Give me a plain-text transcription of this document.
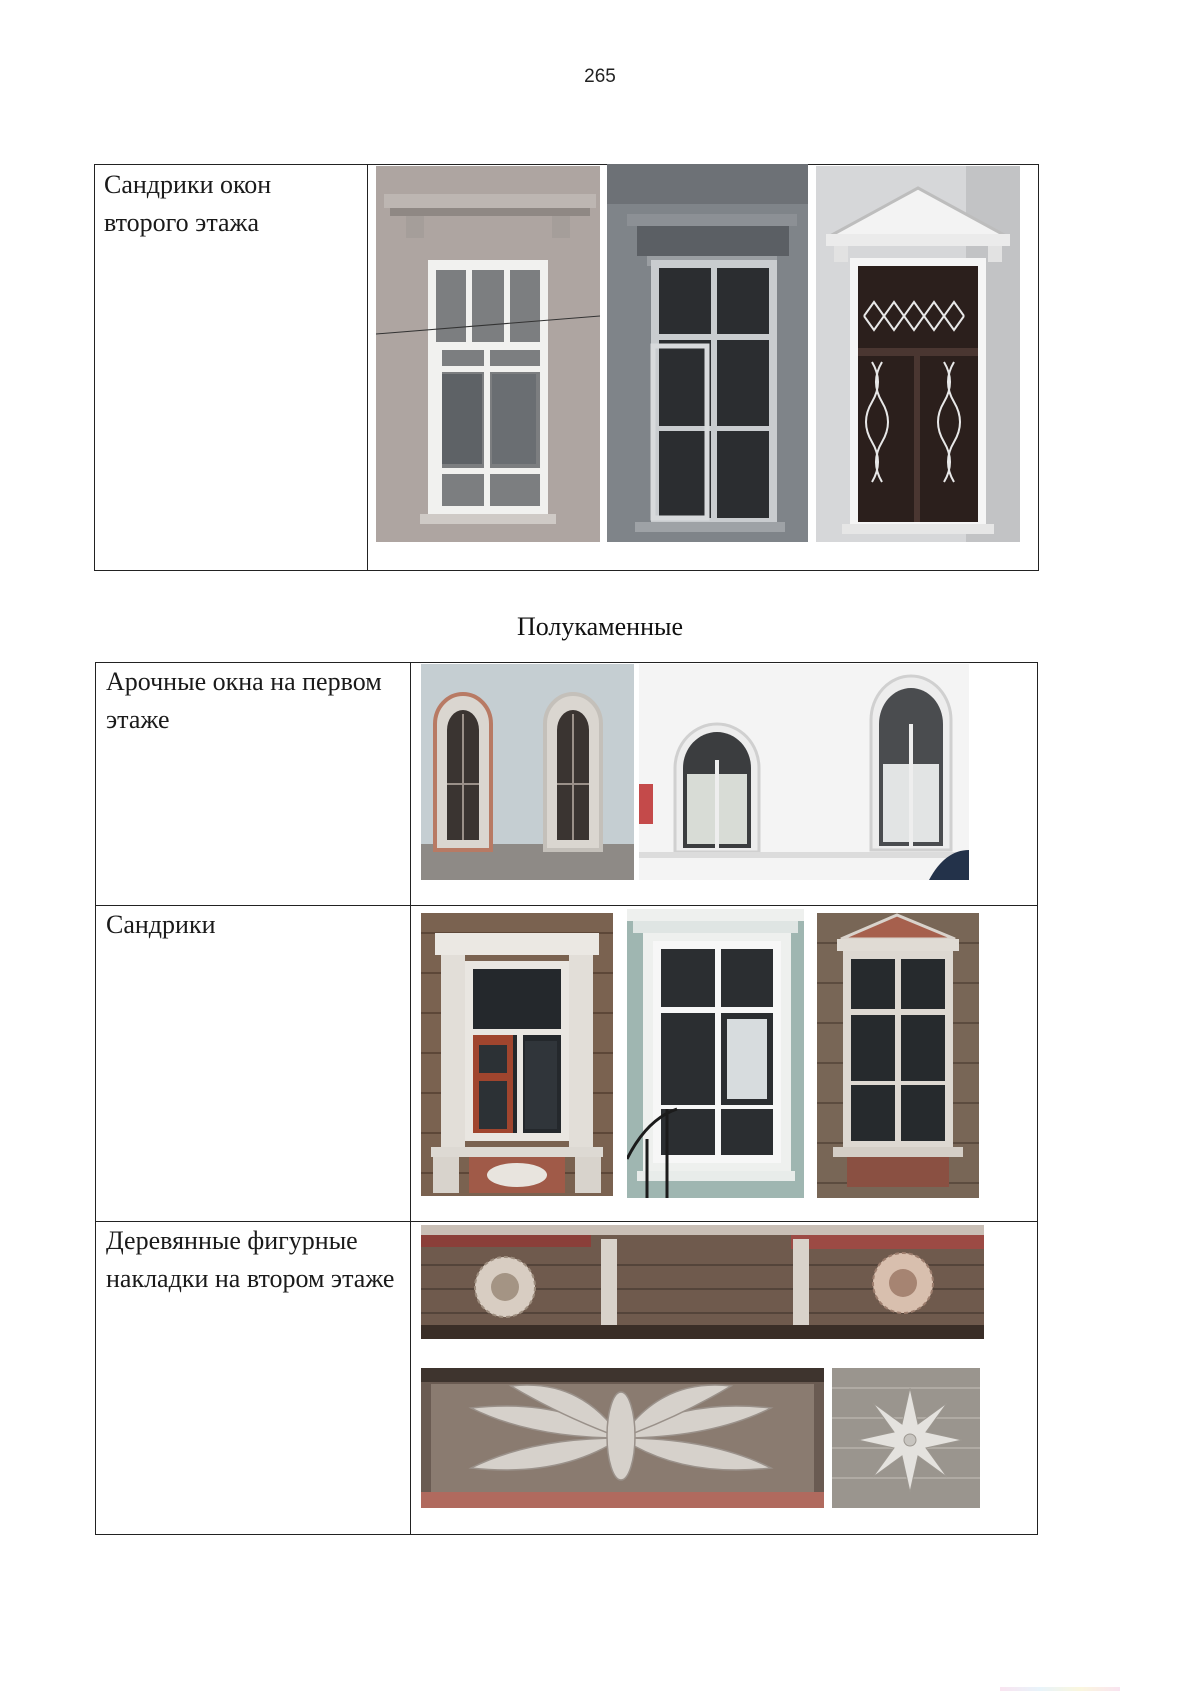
265
Сандрики окон второго этажа
Полукаменные
Арочные окна на первом этаже
Сандрики
Деревянные фигурные накладки на втором этаже
